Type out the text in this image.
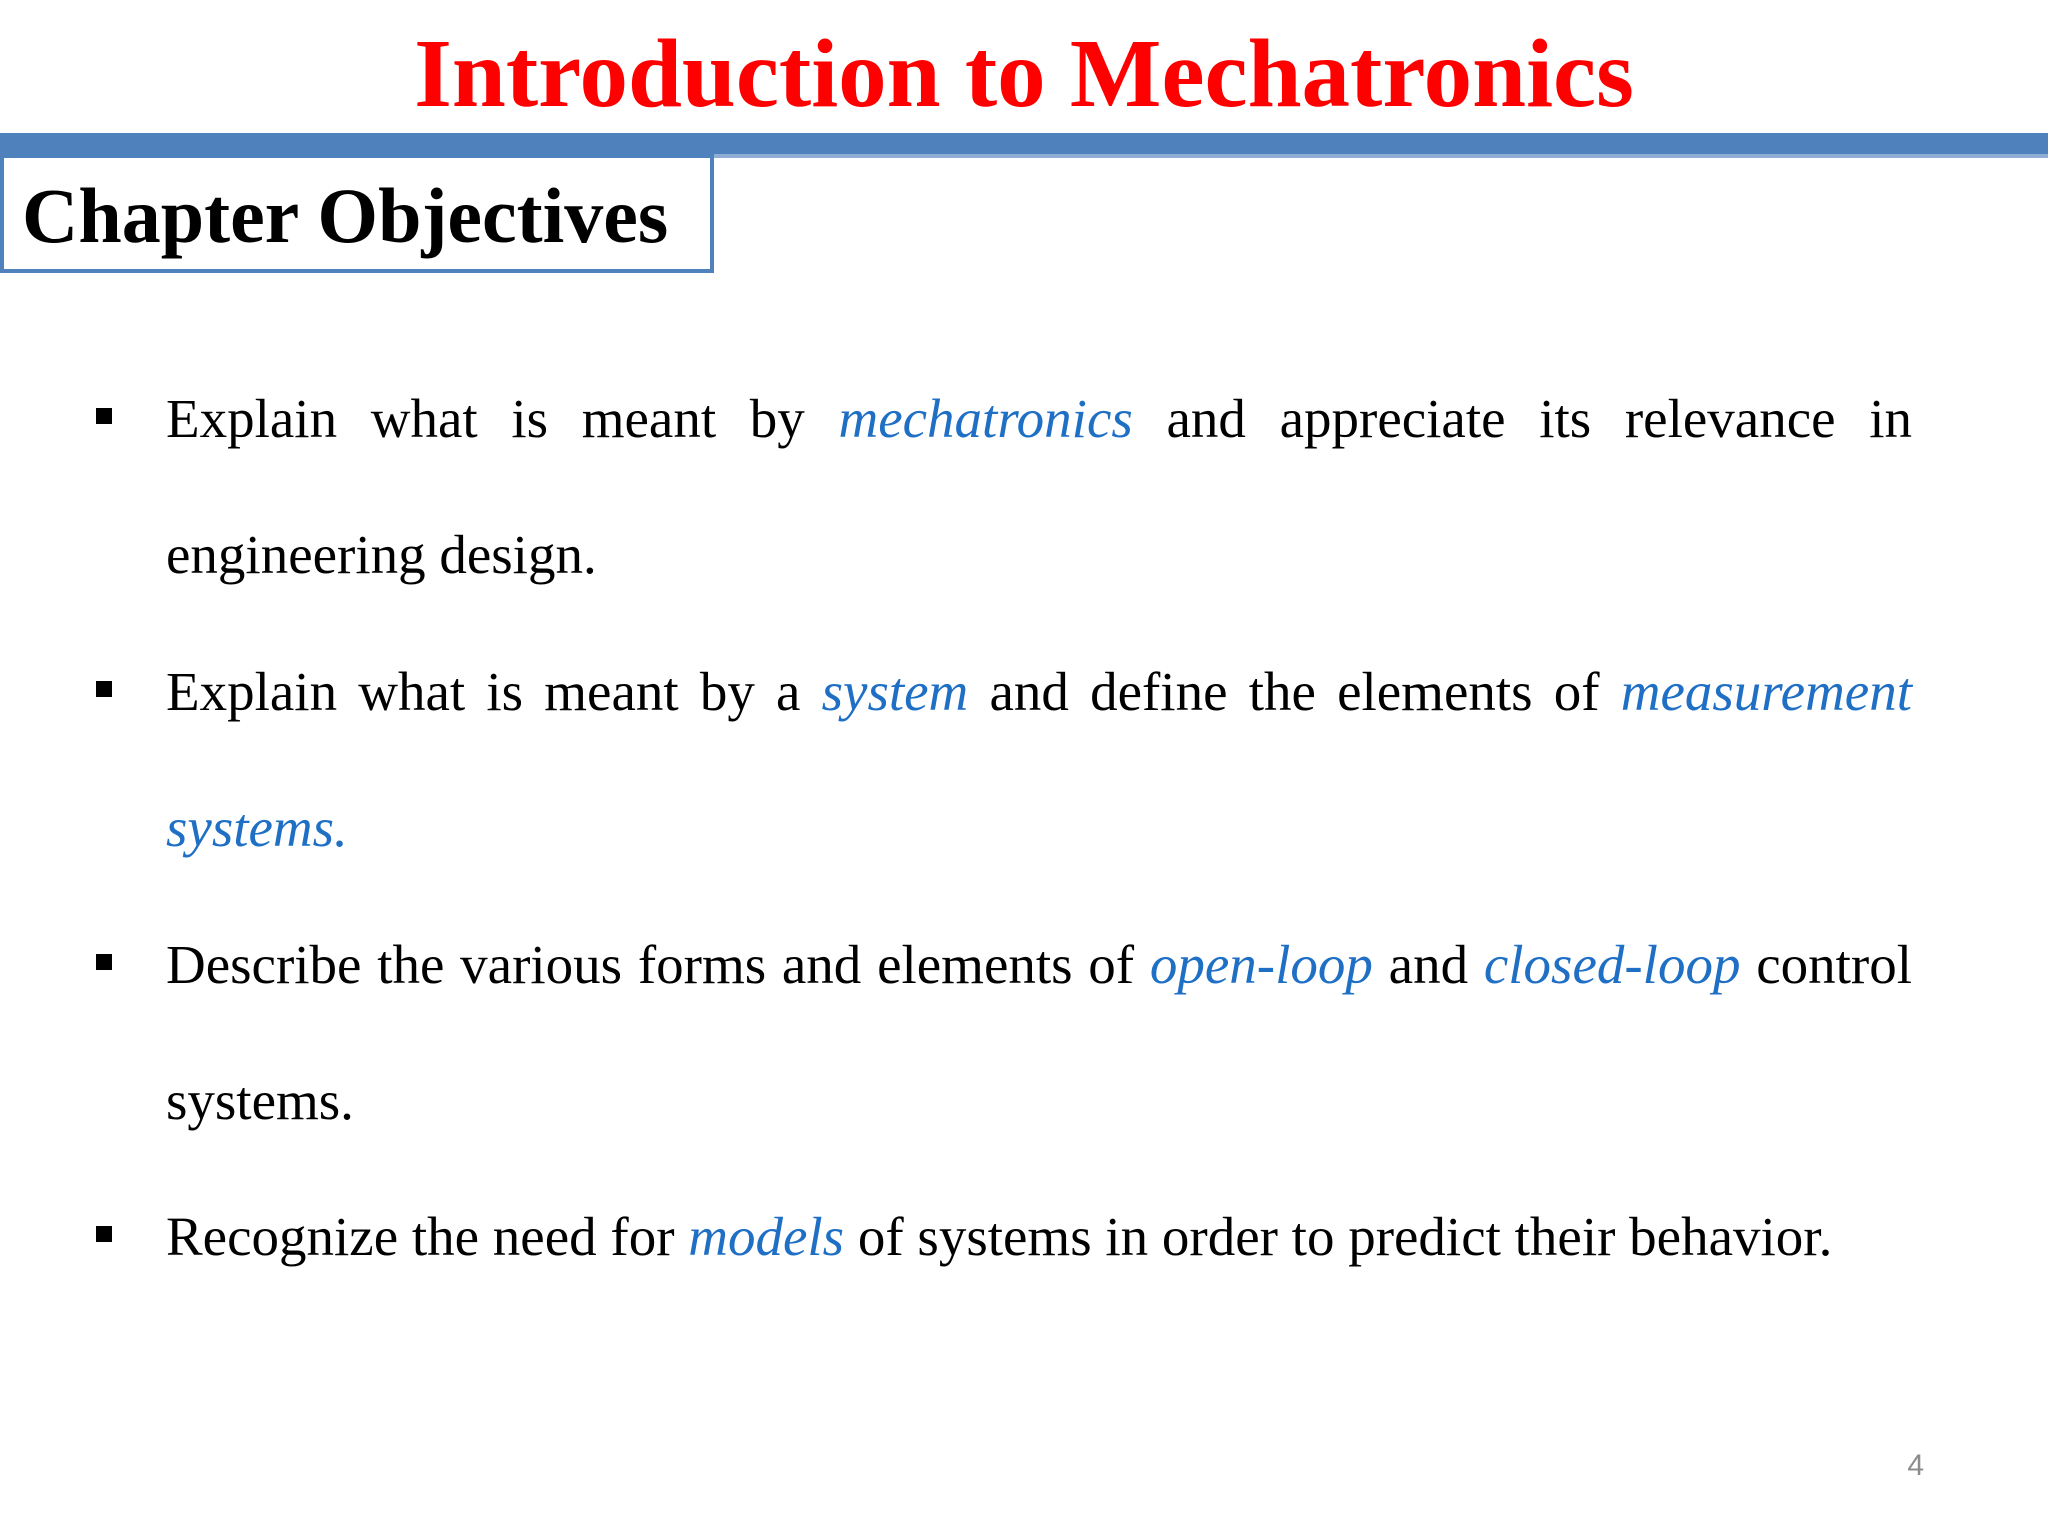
Introduction to Mechatronics
Chapter Objectives
Explain what is meant by mechatronics and appreciate its relevance in engineering design.
Explain what is meant by a system and define the elements of measurement systems.
Describe the various forms and elements of open-loop and closed-loop control systems.
Recognize the need for models of systems in order to predict their behavior.
4
